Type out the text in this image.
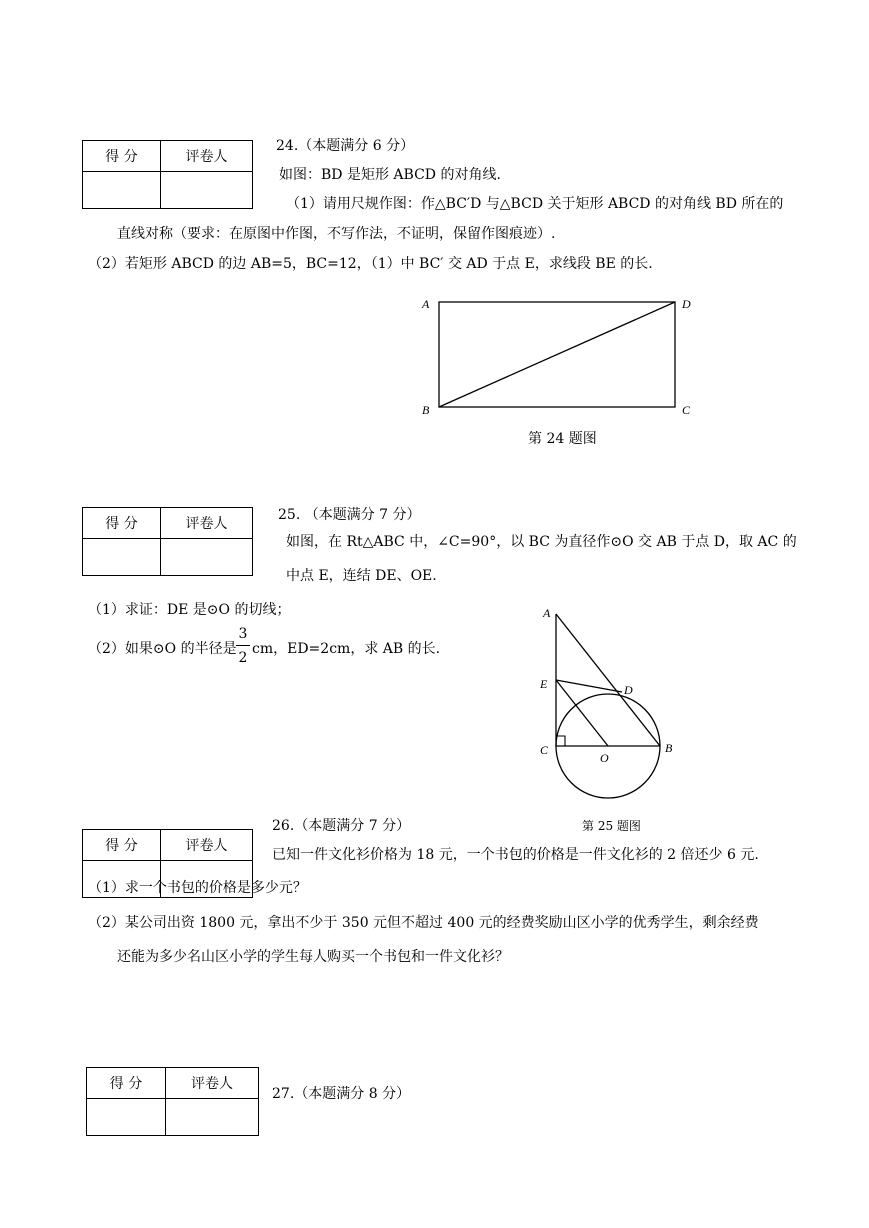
得 分	评卷人

24.（本题满分 6 分）
如图：BD 是矩形 ABCD 的对角线.
（1）请用尺规作图：作△BC′D 与△BCD 关于矩形 ABCD 的对角线 BD 所在的
直线对称（要求：在原图中作图，不写作法，不证明，保留作图痕迹）.
（2）若矩形 ABCD 的边 AB=5，BC=12，（1）中 BC′ 交 AD 于点 E，求线段 BE 的长.
A	D
B	C
第 24 题图
得 分	评卷人

25. （本题满分 7 分）
如图，在 Rt△ABC 中，∠C=90°，以 BC 为直径作⊙O 交 AB 于点 D，取 AC 的
中点 E，连结 DE、OE.
（1）求证：DE 是⊙O 的切线；
（2）如果⊙O 的半径是
3
2
cm，ED=2cm，求 AB 的长.
A
E	D
C
O
B
第 25 题图
得 分	评卷人

26.（本题满分 7 分）
已知一件文化衫价格为 18 元，一个书包的价格是一件文化衫的 2 倍还少 6 元.
（1）求一个书包的价格是多少元？
（2）某公司出资 1800 元，拿出不少于 350 元但不超过 400 元的经费奖励山区小学的优秀学生，剩余经费
还能为多少名山区小学的学生每人购买一个书包和一件文化衫？
得 分	评卷人

27.（本题满分 8 分）
